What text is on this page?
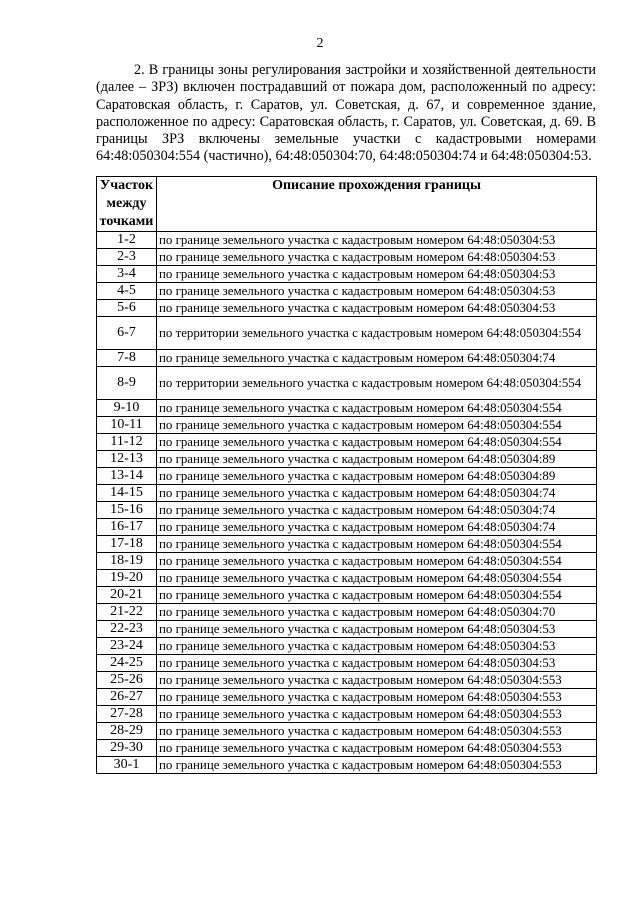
2

2. В границы зоны регулирования застройки и хозяйственной деятельности (далее – ЗРЗ) включен пострадавший от пожара дом, расположенный по адресу: Саратовская область, г. Саратов, ул. Советская, д. 67, и современное здание, расположенное по адресу: Саратовская область, г. Саратов, ул. Советская, д. 69. В границы ЗРЗ включены земельные участки с кадастровыми номерами 64:48:050304:554 (частично), 64:48:050304:70, 64:48:050304:74 и 64:48:050304:53.

Участок между точками	Описание прохождения границы
1-2	по границе земельного участка с кадастровым номером 64:48:050304:53
2-3	по границе земельного участка с кадастровым номером 64:48:050304:53
3-4	по границе земельного участка с кадастровым номером 64:48:050304:53
4-5	по границе земельного участка с кадастровым номером 64:48:050304:53
5-6	по границе земельного участка с кадастровым номером 64:48:050304:53
6-7	по территории земельного участка с кадастровым номером 64:48:050304:554
7-8	по границе земельного участка с кадастровым номером 64:48:050304:74
8-9	по территории земельного участка с кадастровым номером 64:48:050304:554
9-10	по границе земельного участка с кадастровым номером 64:48:050304:554
10-11	по границе земельного участка с кадастровым номером 64:48:050304:554
11-12	по границе земельного участка с кадастровым номером 64:48:050304:554
12-13	по границе земельного участка с кадастровым номером 64:48:050304:89
13-14	по границе земельного участка с кадастровым номером 64:48:050304:89
14-15	по границе земельного участка с кадастровым номером 64:48:050304:74
15-16	по границе земельного участка с кадастровым номером 64:48:050304:74
16-17	по границе земельного участка с кадастровым номером 64:48:050304:74
17-18	по границе земельного участка с кадастровым номером 64:48:050304:554
18-19	по границе земельного участка с кадастровым номером 64:48:050304:554
19-20	по границе земельного участка с кадастровым номером 64:48:050304:554
20-21	по границе земельного участка с кадастровым номером 64:48:050304:554
21-22	по границе земельного участка с кадастровым номером 64:48:050304:70
22-23	по границе земельного участка с кадастровым номером 64:48:050304:53
23-24	по границе земельного участка с кадастровым номером 64:48:050304:53
24-25	по границе земельного участка с кадастровым номером 64:48:050304:53
25-26	по границе земельного участка с кадастровым номером 64:48:050304:553
26-27	по границе земельного участка с кадастровым номером 64:48:050304:553
27-28	по границе земельного участка с кадастровым номером 64:48:050304:553
28-29	по границе земельного участка с кадастровым номером 64:48:050304:553
29-30	по границе земельного участка с кадастровым номером 64:48:050304:553
30-1	по границе земельного участка с кадастровым номером 64:48:050304:553
